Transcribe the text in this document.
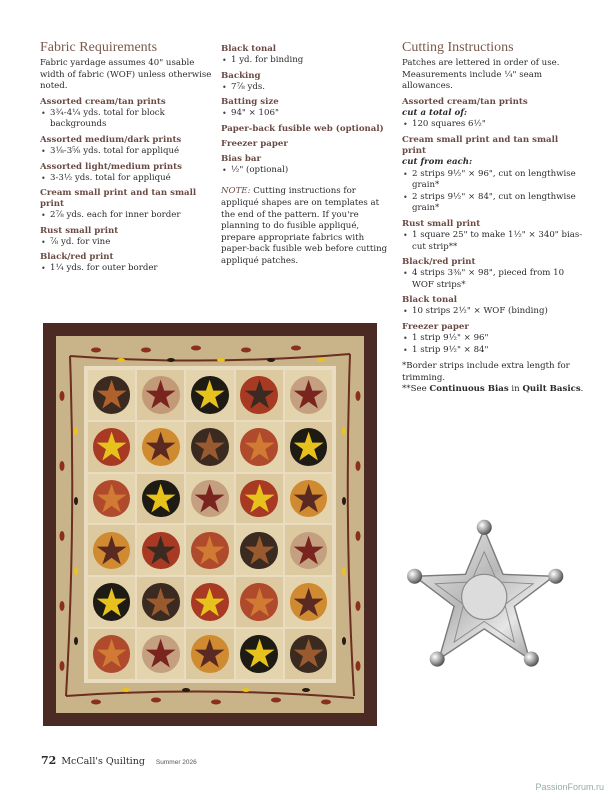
Fabric Requirements

Fabric yardage assumes 40" usable width of fabric (WOF) unless otherwise noted.

Assorted cream/tan prints
• 3¾-4¼ yds. total for block backgrounds
Assorted medium/dark prints
• 3⅛-3⅝ yds. total for appliqué
Assorted light/medium prints
• 3-3½ yds. total for appliqué
Cream small print and tan small print
• 2⅞ yds. each for inner border
Rust small print
• ⅞ yd. for vine
Black/red print
• 1¼ yds. for outer border
Black tonal
• 1 yd. for binding
Backing
• 7⅞ yds.
Batting size
• 94" × 106"
Paper-back fusible web (optional)
Freezer paper
Bias bar
• ½" (optional)

NOTE: Cutting instructions for appliqué shapes are on templates at the end of the pattern. If you're planning to do fusible appliqué, prepare appropriate fabrics with paper-back fusible web before cutting appliqué patches.

Cutting Instructions

Patches are lettered in order of use. Measurements include ¼" seam allowances.

Assorted cream/tan prints
cut a total of:
• 120 squares 6½"
Cream small print and tan small print
cut from each:
• 2 strips 9½" × 96", cut on lengthwise grain*
• 2 strips 9½" × 84", cut on lengthwise grain*
Rust small print
• 1 square 25" to make 1½" × 340" bias-cut strip**
Black/red print
• 4 strips 3⅜" × 98", pieced from 10 WOF strips*
Black tonal
• 10 strips 2½" × WOF (binding)
Freezer paper
• 1 strip 9½" × 96"
• 1 strip 9½" × 84"

*Border strips include extra length for trimming.

**See Continuous Bias in Quilt Basics.

72 McCall's Quilting Summer 2026
PassionForum.ru
